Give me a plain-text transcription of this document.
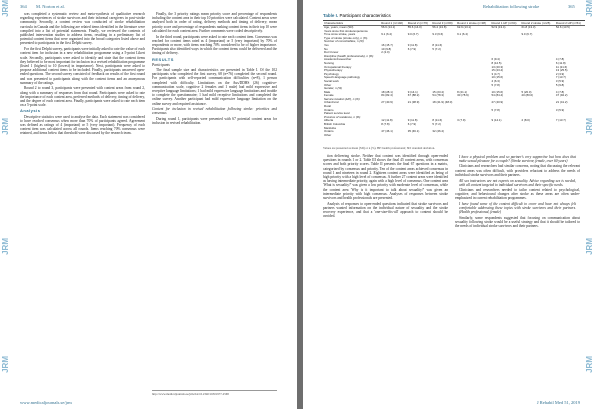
JRM
JRM
JRM
JRM
364 M. Norton et al.

was completed a systematic review and meta-synthesis of qualitative research regarding experiences of stroke survivors and their informal caregivers in post-stroke community. Secondly, a content review was conducted of stroke rehabilitation curricula in Canada and the following are related items identified in the literature were compiled into a list of potential statements. Finally, we reviewed the contents of published intervention studies to address items, resulting in a preliminary list of potential content items that were organized into the broad categories listed above and presented to participants in the first Delphi survey.

For the first Delphi survey, participants were initially asked to rate the value of each content item for inclusion in a new rehabilitation programme using a 5-point Likert scale. Secondly, participants were asked to identify and state that the content items they believed to be most important for inclusion in a revised rehabilitation programme (listed 1 (highest) to 10 (lowest) in importance). Next, participants were asked to propose additional content items to be included. Finally, participants answered open-ended questions. The second survey consisted of feedback on results of the first round and was presented to participants along with the content items and an anonymous summary of the ratings.

Round 2 to round 3, participants were presented with content areas from round 2, along with a summary of responses from that round. Participants were asked to rate the importance of each content area, preferred methods of delivery, timing of delivery, and the degree of each content area. Finally, participants were asked to rate each item on a 5-point scale.

Analysis

Descriptive statistics were used to analyse the data. Each statement was considered to have reached consensus when more than 70% of participants agreed. Agreement was defined as ratings of 4 (important) or 5 (very important). Frequency of each content item was calculated across all rounds. Items reaching 70% consensus were retained, and items below that threshold were discussed by the research team.

Finally, the 3 priority ratings mean priority score and percentage of respondents including the content area in their top 10 priorities were calculated. Content areas were analysed both in order of rating, delivery methods and timing of delivery; mean priority score and percentage of respondents ranking content items in their top 10 were calculated for each content area. Further comments were coded descriptively.

In the third round, participants were asked to rate each content item. Consensus was reached for content items rated as 4 (important) or 5 (very important) by 70% of respondents or more, with items reaching 70% considered to be of higher importance. Participants also identified ways in which the content items could be delivered and the timing of delivery.

RESULTS
Participants

The final sample size and characteristics are presented in Table I. Of the 102 participants who completed the first survey, 68 (n=76) completed the second round. For participants with self-reported communication difficulties (n=8), 1 person completed with difficulty. Limitations on the Aus/DDHS (26) cognitive-communication scale, cognitive 2 females and 1 male) had mild expressive and receptive language limitations; 1 had mild expressive language limitations and trouble to complete the questionnaire; 1 had mild receptive limitations and completed the online survey. Another participant had mild expressive language limitation on the online survey and required assistance.

Content for inclusion in revised rehabilitation following stroke: priorities and consensus

During round 1, participants were presented with 67 potential content areas for inclusion in revised rehabilitation.

http://www.medicaljournals.se/jrm/doi/10.2340/16501977-2568
www.medicaljournals.se/jrm
JRM
JRM
JRM
JRM
Rehabilitation following stroke	365
Table I. Participant characteristics
Characteristics	Round 1 (n=102)	Round 2 (n=76)	Round 3 (n=69)	Round 1 stroke (n=38)	Round 1 HP (n=64)	Round 2 stroke (n=25)	Round 2 HP (n=51)
Age, years, mean (SD)	56.6 (14.1)	55.6 (14.0)	56.2 (13.8)	62.9 (13.1)	52.9 (13.4)	61.8 (13.3)	52.6 (13.5)
Years since first stroke/experience							
Time since stroke, years	9.1 (6.4)	9.0 (6.7)	9.3 (6.6)	9.1 (6.4)		9.0 (6.7)	
Type of stroke (stroke only), n (%)							
Number of comorbidities, n (%)							
Yes	16 (15.7)	9 (11.8)	8 (11.6)				
No	10 (9.8)	6 (7.9)	5 (7.2)				
Don't know	2 (2.0)						
Discipline (health professionals), n (%)							
Academic/researcher					6 (9.4)		4 (7.8)
Nursing					8 (12.5)		6 (11.8)
Occupational therapy					13 (20.3)		11 (21.6)
Physiotherapy					15 (23.4)		13 (25.5)
Psychology					3 (4.7)		2 (3.9)
Speech-language pathology					10 (15.6)		7 (13.7)
Social work					4 (6.3)		3 (5.9)
Other					5 (7.8)		5 (9.8)
Gender, n (%)							
Male	18 (28.1)	9 (14.1)	15 (23.4)	8 (21.1)	10 (15.6)	5 (20.0)	4 (7.8)
Female	84 (82.4)	67 (88.2)	54 (78.3)	30 (78.9)	54 (84.4)	20 (80.0)	47 (92.2)
Service location (HP), n (%)							
Urban/rural	27 (40.9)	21 (38.9)	18 (41.9) (48.0)		27 (40.9)		21 (41.2)
Rural							
Ontario					5 (7.8)		3 (5.9)
Patient service level							
Province of residence, n (%)							
Alberta	12 (11.8)	9 (11.8)	8 (11.6)	3 (7.9)	9 (14.1)	2 (8.0)	7 (13.7)
British Columbia	8 (7.8)	6 (7.9)	5 (7.2)				
Manitoba							
Ontario	47 (46.1)	35 (46.1)	32 (46.4)				
Other							
Values are presented as mean (SD) or n (%). HP: health professional; SD: standard deviation.

tion delivering stroke. Neither that content was identified through open-ended questions in rounds 1 or 2. Table III shows the final 45 content areas, with consensus scores and both priority scores. Table II presents the final 67 questions in a matrix, categorized by consensus and priority. Ten of the content areas achieved consensus in round 1 and nineteen in round 2. Eighteen content areas were identified as being of high priority with a high level of consensus. A further 27 content areas were identified as having intermediate priority, again with a high level of consensus. One content area 'What is sexuality?' was given a low priority with moderate level of consensus, while the content area 'Why is it important to talk about sexuality?' was given an intermediate priority with high consensus. Analyses of responses between stroke survivors and health professionals are presented.

Analysis of responses to open-ended questions indicated that stroke survivors and partners wanted information on the individual nature of sexuality and the stroke recovery experience, and that a 'one-size-fits-all' approach to content should be avoided.

I have a physical problem and so partner's very supportive but how does that make sexual pleasure for a couple? (Stroke survivor, female, over 60 years)

Clinicians and researchers had similar concerns, noting that discussing the relevant content areas was often difficult, with providers reluctant to address the needs of individual stroke survivors and their partners.

All sex instructors are not experts on sexuality. Advice regarding sex is needed, with all content targeted to individual survivors and their specific needs.

Clinicians and researchers needed to tailor content related to psychological, cognitive, and behavioural changes after stroke as these areas are often under-emphasized in current rehabilitation programmes.

I have found some of the content difficult to cover and have not always felt comfortable addressing these topics with stroke survivors and their partners. (Health professional, female)

Similarly, some respondents suggested that focusing on communication about sexuality following stroke would be a useful strategy and that it should be tailored to the needs of individual stroke survivors and their partners.

J Rehabil Med 51, 2019
